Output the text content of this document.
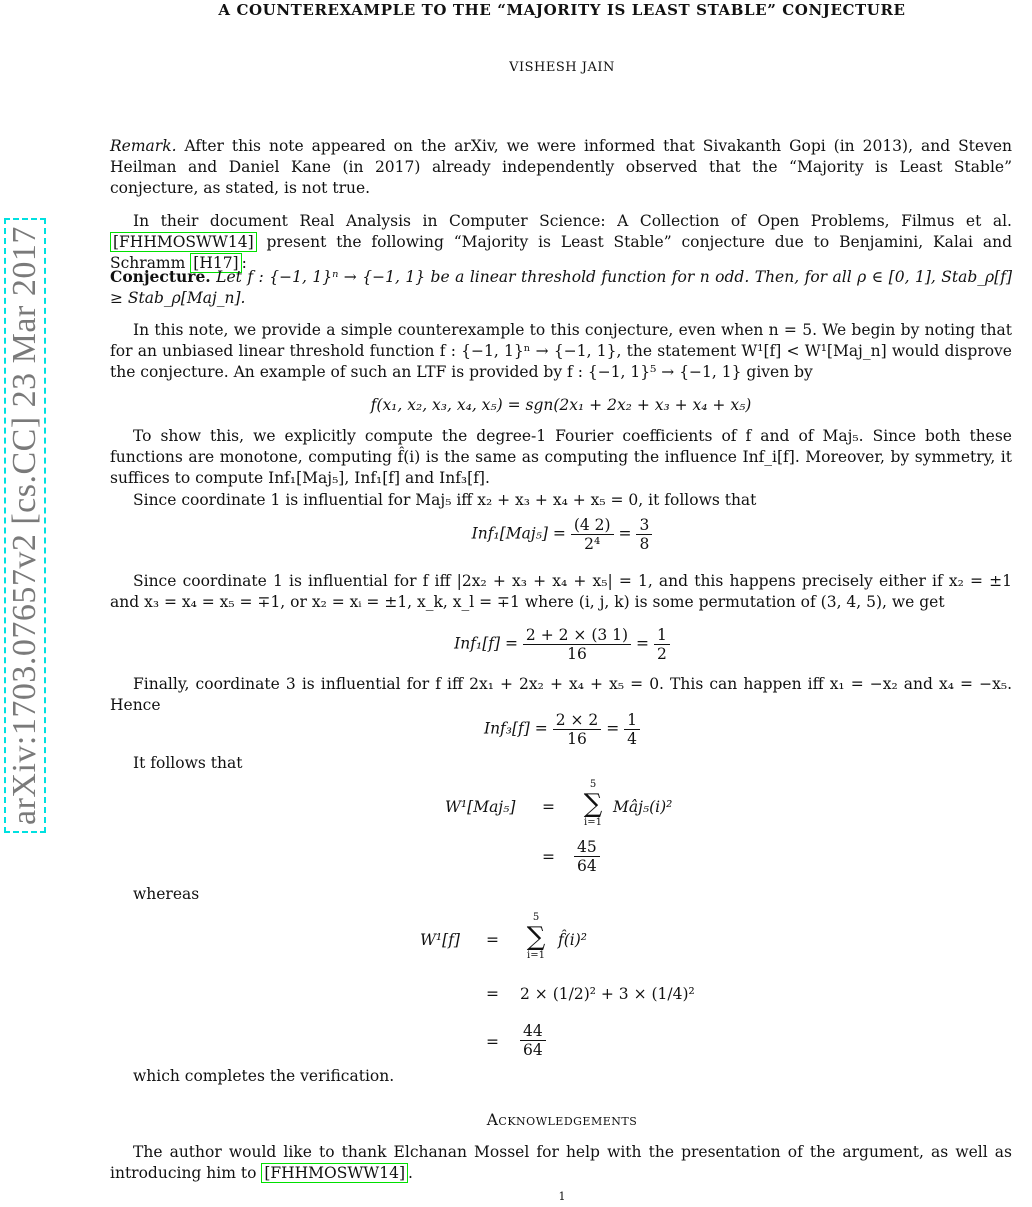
A COUNTEREXAMPLE TO THE “MAJORITY IS LEAST STABLE” CONJECTURE
VISHESH JAIN
arXiv:1703.07657v2 [cs.CC] 23 Mar 2017
Remark. After this note appeared on the arXiv, we were informed that Sivakanth Gopi (in 2013), and Steven Heilman and Daniel Kane (in 2017) already independently observed that the “Majority is Least Stable” conjecture, as stated, is not true.
In their document Real Analysis in Computer Science: A Collection of Open Problems, Filmus et al. [FHHMOSWW14] present the following “Majority is Least Stable” conjecture due to Benjamini, Kalai and Schramm [H17] :
Conjecture. Let f : {−1, 1}ⁿ → {−1, 1} be a linear threshold function for n odd. Then, for all ρ ∈ [0, 1], Stab_ρ[f] ≥ Stab_ρ[Maj_n].
In this note, we provide a simple counterexample to this conjecture, even when n = 5. We begin by noting that for an unbiased linear threshold function f : {−1, 1}ⁿ → {−1, 1}, the statement W¹[f] < W¹[Maj_n] would disprove the conjecture. An example of such an LTF is provided by f : {−1, 1}⁵ → {−1, 1} given by
f(x₁, x₂, x₃, x₄, x₅) = sgn(2x₁ + 2x₂ + x₃ + x₄ + x₅)
To show this, we explicitly compute the degree-1 Fourier coefficients of f and of Maj₅. Since both these functions are monotone, computing f̂(i) is the same as computing the influence Inf_i[f]. Moreover, by symmetry, it suffices to compute Inf₁[Maj₅], Inf₁[f] and Inf₃[f].
Since coordinate 1 is influential for Maj₅ iff x₂ + x₃ + x₄ + x₅ = 0, it follows that
$Inf_1[Maj_5] = \frac{(4 2)}{\text{2⁴}} = \frac{3}{8}$
Since coordinate 1 is influential for f iff |2x₂ + x₃ + x₄ + x₅| = 1, and this happens precisely either if x₂ = ±1 and x₃ = x₄ = x₅ = ∓1, or x₂ = xᵢ = ±1, x_k, x_l = ∓1 where (i, j, k) is some permutation of (3, 4, 5), we get
$Inf_1[f] = \frac{2 + 2 \times (3 1)}{16} = \frac{1}{2}$
Finally, coordinate 3 is influential for f iff 2x₁ + 2x₂ + x₄ + x₅ = 0. This can happen iff x₁ = −x₂ and x₄ = −x₅. Hence
$Inf_3[f] = \frac{2 \times 2}{16} = \frac{1}{4}$
It follows that
W¹[Maj₅] =
5
∑
i=1
Mâj₅(i)²
= $\frac{45}{64}$
whereas
W¹[f] =
5
∑
i=1
f̂(i)²
= 2 × (1/2)² + 3 × (1/4)²
= $\frac{44}{64}$
which completes the verification.
Acknowledgements
The author would like to thank Elchanan Mossel for help with the presentation of the argument, as well as introducing him to [FHHMOSWW14] .
1
